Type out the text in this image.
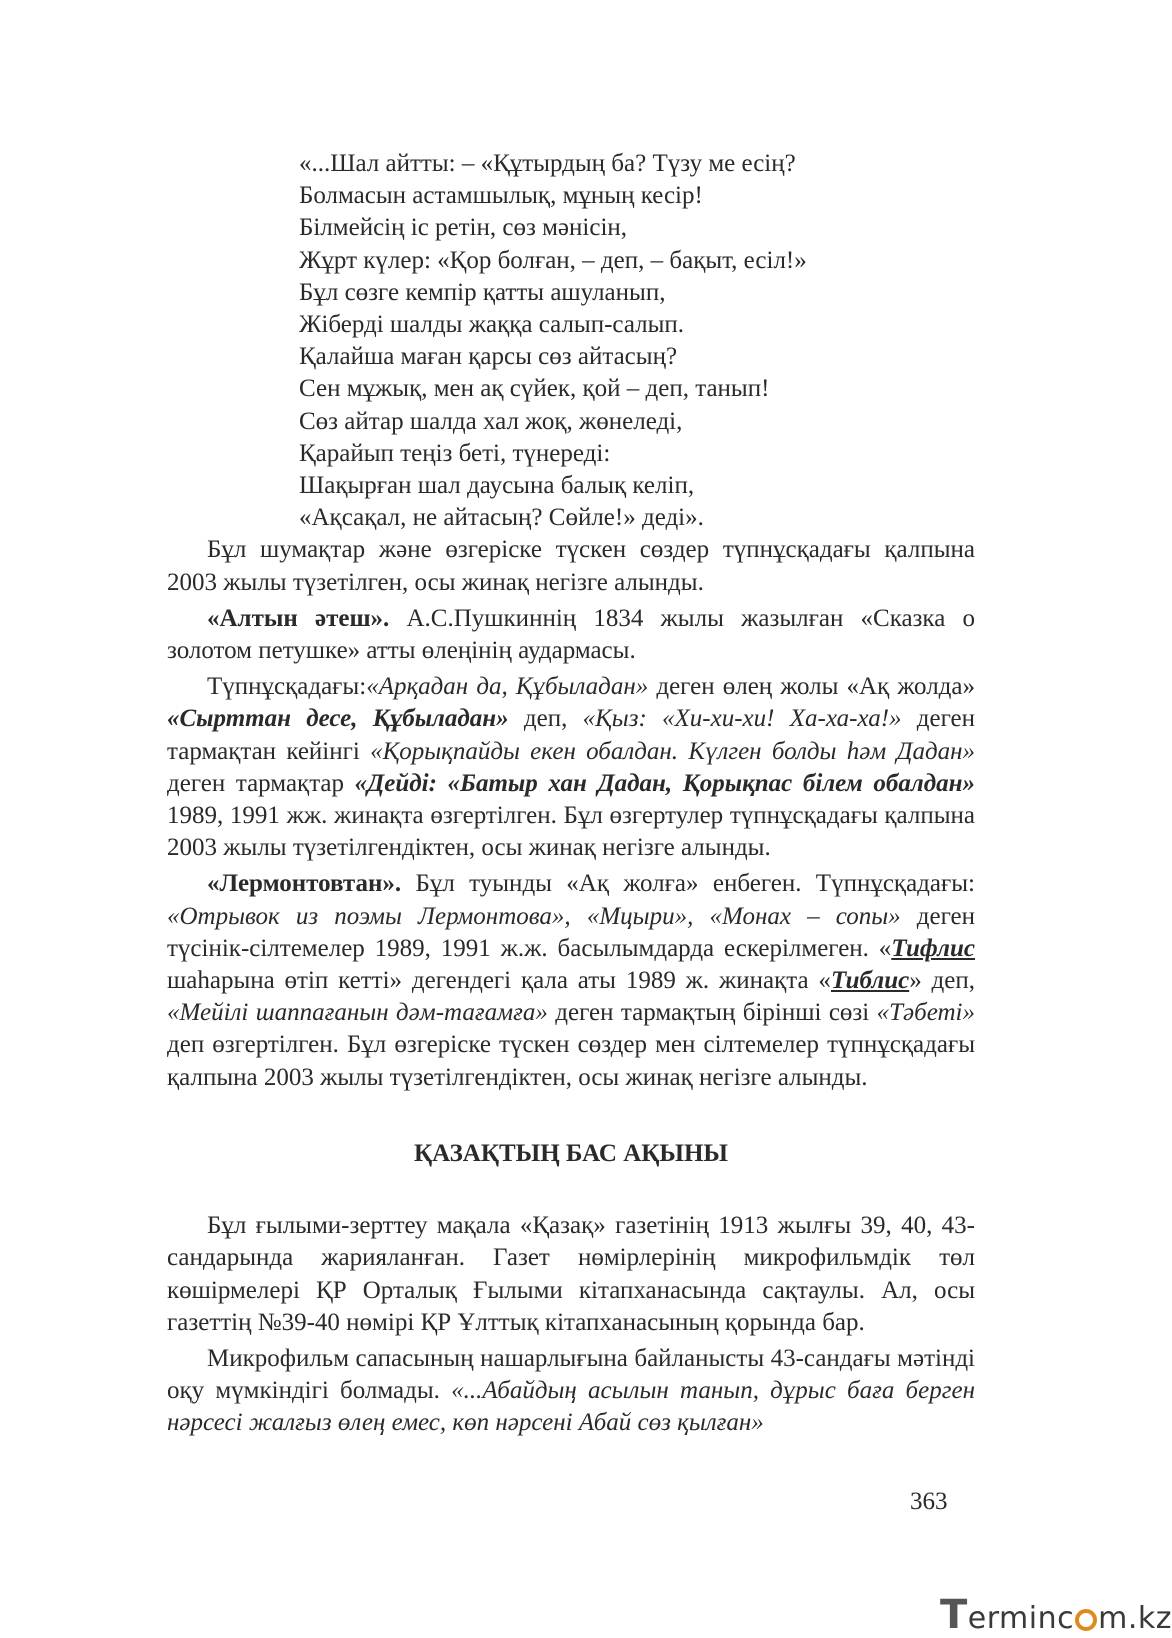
«...Шал айтты: – «Құтырдың ба? Түзу ме есің?
Болмасын астамшылық, мұның кесір!
Білмейсің іс ретін, сөз мәнісін,
Жұрт күлер: «Қор болған, – деп, – бақыт, есіл!»
Бұл сөзге кемпір қатты ашуланып,
Жіберді шалды жаққа салып-салып.
Қалайша маған қарсы сөз айтасың?
Сен мұжық, мен ақ сүйек, қой – деп, танып!
Сөз айтар шалда хал жоқ, жөнеледі,
Қарайып теңіз беті, түнереді:
Шақырған шал даусына балық келіп,
«Ақсақал, не айтасың? Сөйле!» деді».

Бұл шумақтар және өзгеріске түскен сөздер түпнұсқадағы қалпына 2003 жылы түзетілген, осы жинақ негізге алынды.

«Алтын әтеш». А.С.Пушкиннің 1834 жылы жазылған «Сказка о золотом петушке» атты өлеңінің аудармасы.

Түпнұсқадағы:«Арқадан да, Құбыладан» деген өлең жолы «Ақ жолда» «Сырттан десе, Құбыладан» деп, «Қыз: «Хи-хи-хи! Ха-ха-ха!» деген тармақтан кейінгі «Қорықпайды екен обалдан. Күлген болды һәм Дадан» деген тармақтар «Дейді: «Батыр хан Дадан, Қорықпас білем обалдан» 1989, 1991 жж. жинақта өзгертілген. Бұл өзгертулер түпнұсқадағы қалпына 2003 жылы түзетілгендіктен, осы жинақ негізге алынды.

«Лермонтовтан». Бұл туынды «Ақ жолға» енбеген. Түпнұсқадағы: «Отрывок из поэмы Лермонтова», «Мцыри», «Монах – сопы» деген түсінік-сілтемелер 1989, 1991 ж.ж. басылымдарда ескерілмеген. «Тифлис шаһарына өтіп кетті» дегендегі қала аты 1989 ж. жинақта «Тиблис» деп, «Мейілі шаппағанын дәм-тағамға» деген тармақтың бірінші сөзі «Тәбеті» деп өзгертілген. Бұл өзгеріске түскен сөздер мен сілтемелер түпнұсқадағы қалпына 2003 жылы түзетілгендіктен, осы жинақ негізге алынды.

ҚАЗАҚТЫҢ БАС АҚЫНЫ

Бұл ғылыми-зерттеу мақала «Қазақ» газетінің 1913 жылғы 39, 40, 43-сандарында жарияланған. Газет нөмірлерінің микрофильмдік төл көшірмелері ҚР Орталық Ғылыми кітапханасында сақтаулы. Ал, осы газеттің №39-40 нөмірі ҚР Ұлттық кітапханасының қорында бар.

Микрофильм сапасының нашарлығына байланысты 43-сандағы мәтінді оқу мүмкіндігі болмады. «...Абайдың асылын танып, дұрыс баға берген нәрсесі жалғыз өлең емес, көп нәрсені Абай сөз қылған»

363
Terminc m.kz
